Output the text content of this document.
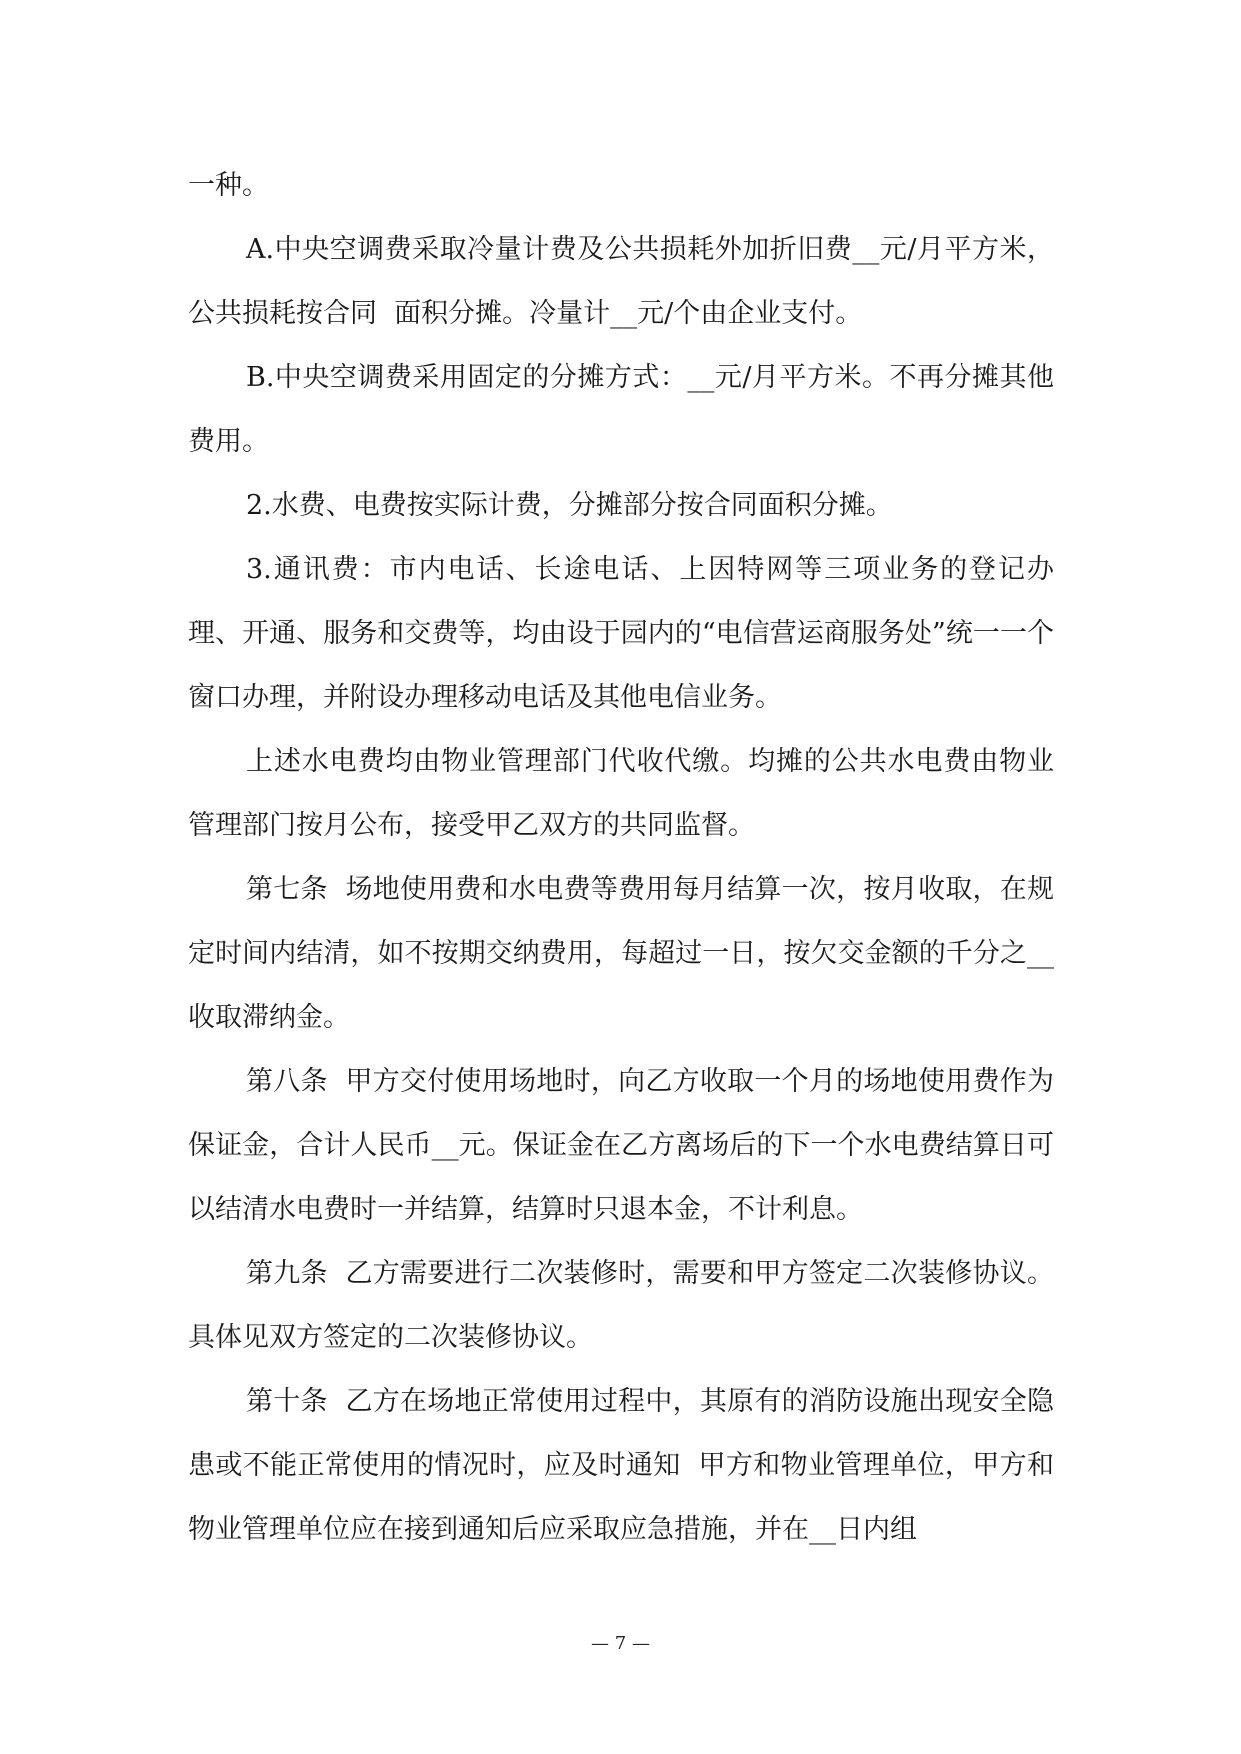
一种。

A.中央空调费采取冷量计费及公共损耗外加折旧费__元/月平方米，公共损耗按合同  面积分摊。冷量计__元/个由企业支付。

B.中央空调费采用固定的分摊方式：__元/月平方米。不再分摊其他费用。

2.水费、电费按实际计费，分摊部分按合同面积分摊。

3.通讯费：市内电话、长途电话、上因特网等三项业务的登记办理、开通、服务和交费等，均由设于园内的“电信营运商服务处”统一一个窗口办理，并附设办理移动电话及其他电信业务。

上述水电费均由物业管理部门代收代缴。均摊的公共水电费由物业管理部门按月公布，接受甲乙双方的共同监督。

第七条  场地使用费和水电费等费用每月结算一次，按月收取，在规定时间内结清，如不按期交纳费用，每超过一日，按欠交金额的千分之__收取滞纳金。

第八条  甲方交付使用场地时，向乙方收取一个月的场地使用费作为保证金，合计人民币__元。保证金在乙方离场后的下一个水电费结算日可以结清水电费时一并结算，结算时只退本金，不计利息。

第九条  乙方需要进行二次装修时，需要和甲方签定二次装修协议。具体见双方签定的二次装修协议。

第十条  乙方在场地正常使用过程中，其原有的消防设施出现安全隐患或不能正常使用的情况时，应及时通知  甲方和物业管理单位，甲方和物业管理单位应在接到通知后应采取应急措施，并在__日内组

— 7 —
